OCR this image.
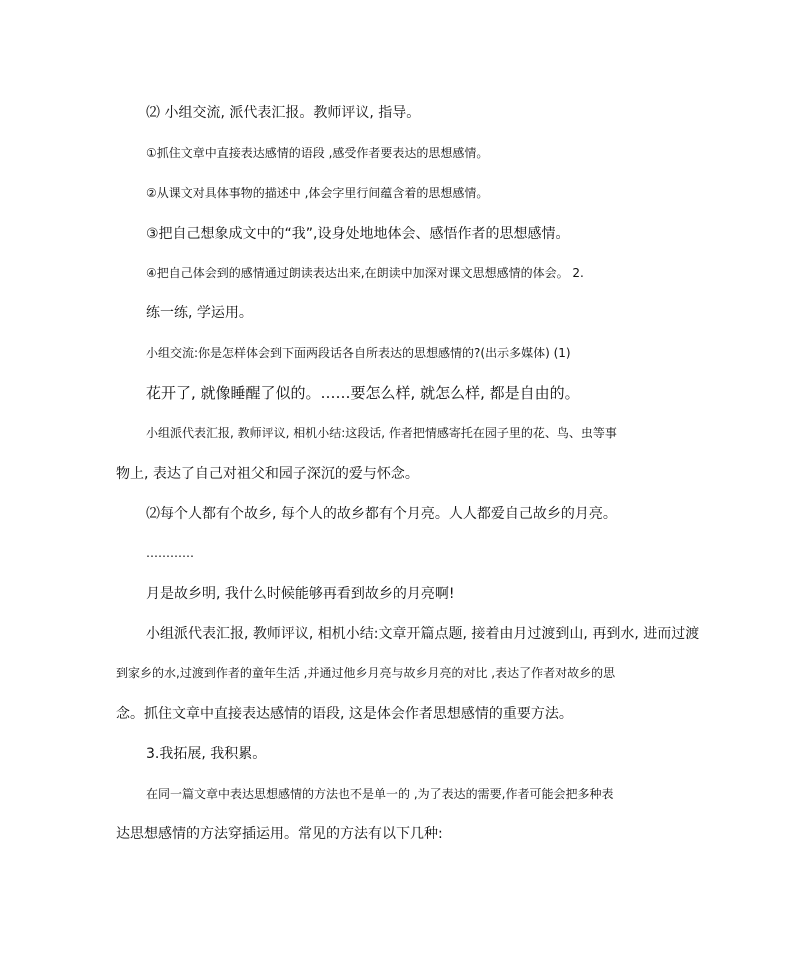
⑵ 小组交流, 派代表汇报。教师评议, 指导。

①抓住文章中直接表达感情的语段 ,感受作者要表达的思想感情。

②从课文对具体事物的描述中 ,体会字里行间蕴含着的思想感情。

③把自己想象成文中的“我”,设身处地地体会、感悟作者的思想感情。

④把自己体会到的感情通过朗读表达出来,在朗读中加深对课文思想感情的体会。 2.

练一练, 学运用。

小组交流:你是怎样体会到下面两段话各自所表达的思想感情的?(出示多媒体) (1)

花开了, 就像睡醒了似的。……要怎么样, 就怎么样, 都是自由的。

小组派代表汇报, 教师评议, 相机小结:这段话, 作者把情感寄托在园子里的花、鸟、虫等事

物上, 表达了自己对祖父和园子深沉的爱与怀念。

⑵每个人都有个故乡, 每个人的故乡都有个月亮。人人都爱自己故乡的月亮。

…………

月是故乡明, 我什么时候能够再看到故乡的月亮啊!

小组派代表汇报, 教师评议, 相机小结:文章开篇点题, 接着由月过渡到山, 再到水, 进而过渡

到家乡的水,过渡到作者的童年生活 ,并通过他乡月亮与故乡月亮的对比 ,表达了作者对故乡的思

念。抓住文章中直接表达感情的语段, 这是体会作者思想感情的重要方法。

3.我拓展, 我积累。

在同一篇文章中表达思想感情的方法也不是单一的 ,为了表达的需要,作者可能会把多种表

达思想感情的方法穿插运用。常见的方法有以下几种:
